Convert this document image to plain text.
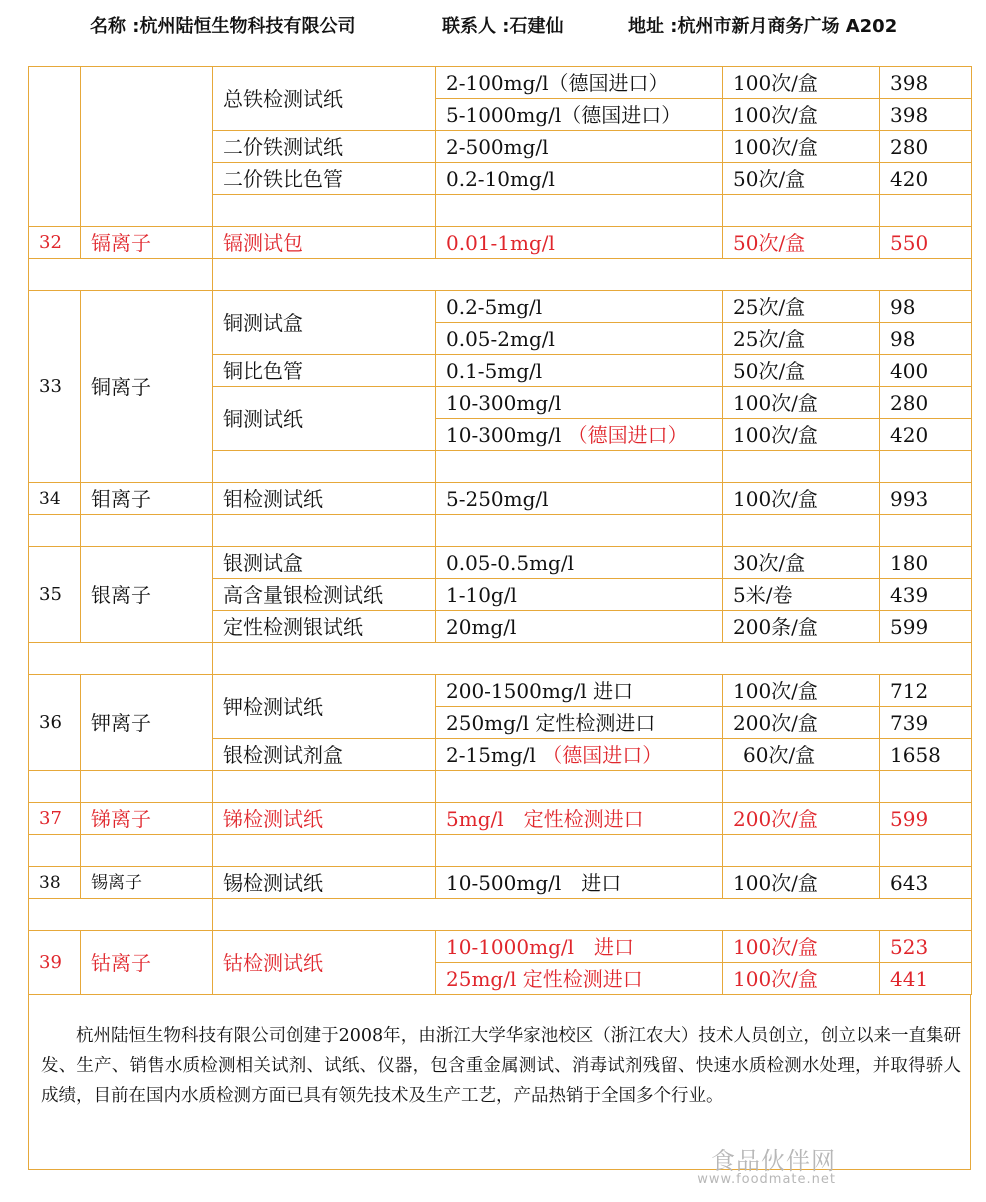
名称 :杭州陆恒生物科技有限公司	联系人 :石建仙	地址 :杭州市新月商务广场 A202
		总铁检测试纸	2-100mg/l（德国进口）	100次/盒	398
			5-1000mg/l（德国进口）	100次/盒	398
		二价铁测试纸	2-500mg/l	100次/盒	280
		二价铁比色管	0.2-10mg/l	50次/盒	420

32	镉离子	镉测试包	0.01-1mg/l	50次/盒	550

33	铜离子	铜测试盒	0.2-5mg/l	25次/盒	98
			0.05-2mg/l	25次/盒	98
		铜比色管	0.1-5mg/l	50次/盒	400
		铜测试纸	10-300mg/l	100次/盒	280
			10-300mg/l （德国进口）	100次/盒	420

34	钼离子	钼检测试纸	5-250mg/l	100次/盒	993

35	银离子	银测试盒	0.05-0.5mg/l	30次/盒	180
		高含量银检测试纸	1-10g/l	5米/卷	439
		定性检测银试纸	20mg/l	200条/盒	599

36	钾离子	钾检测试纸	200-1500mg/l 进口	100次/盒	712
			250mg/l 定性检测进口	200次/盒	739
		银检测试剂盒	2-15mg/l （德国进口）	60次/盒	1658

37	锑离子	锑检测试纸	5mg/l　定性检测进口	200次/盒	599

38	锡离子	锡检测试纸	10-500mg/l　进口	100次/盒	643

39	钴离子	钴检测试纸	10-1000mg/l　进口	100次/盒	523
			25mg/l 定性检测进口	100次/盒	441

杭州陆恒生物科技有限公司创建于2008年，由浙江大学华家池校区（浙江农大）技术人员创立，创立以来一直集研发、生产、销售水质检测相关试剂、试纸、仪器，包含重金属测试、消毒试剂残留、快速水质检测水处理，并取得骄人成绩，目前在国内水质检测方面已具有领先技术及生产工艺，产品热销于全国多个行业。

食品伙伴网
www.foodmate.net
